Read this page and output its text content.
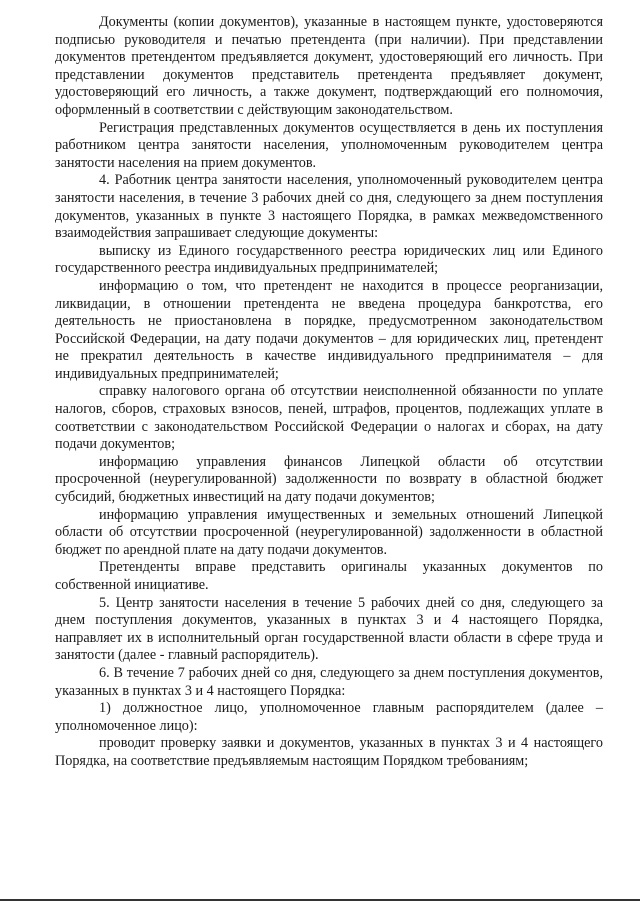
Документы (копии документов), указанные в настоящем пункте, удостоверяются подписью руководителя и печатью претендента (при наличии). При представлении документов претендентом предъявляется документ, удостоверяющий его личность. При представлении документов представитель претендента предъявляет документ, удостоверяющий его личность, а также документ, подтверждающий его полномочия, оформленный в соответствии с действующим законодательством.

Регистрация представленных документов осуществляется в день их поступления работником центра занятости населения, уполномоченным руководителем центра занятости населения на прием документов.

4. Работник центра занятости населения, уполномоченный руководителем центра занятости населения, в течение 3 рабочих дней со дня, следующего за днем поступления документов, указанных в пункте 3 настоящего Порядка, в рамках межведомственного взаимодействия запрашивает следующие документы:

выписку из Единого государственного реестра юридических лиц или Единого государственного реестра индивидуальных предпринимателей;

информацию о том, что претендент не находится в процессе реорганизации, ликвидации, в отношении претендента не введена процедура банкротства, его деятельность не приостановлена в порядке, предусмотренном законодательством Российской Федерации, на дату подачи документов – для юридических лиц, претендент не прекратил деятельность в качестве индивидуального предпринимателя – для индивидуальных предпринимателей;

справку налогового органа об отсутствии неисполненной обязанности по уплате налогов, сборов, страховых взносов, пеней, штрафов, процентов, подлежащих уплате в соответствии с законодательством Российской Федерации о налогах и сборах, на дату подачи документов;

информацию управления финансов Липецкой области об отсутствии просроченной (неурегулированной) задолженности по возврату в областной бюджет субсидий, бюджетных инвестиций на дату подачи документов;

информацию управления имущественных и земельных отношений Липецкой области об отсутствии просроченной (неурегулированной) задолженности в областной бюджет по арендной плате на дату подачи документов.

Претенденты вправе представить оригиналы указанных документов по собственной инициативе.

5. Центр занятости населения в течение 5 рабочих дней со дня, следующего за днем поступления документов, указанных в пунктах 3 и 4 настоящего Порядка, направляет их в исполнительный орган государственной власти области в сфере труда и занятости (далее - главный распорядитель).

6. В течение 7 рабочих дней со дня, следующего за днем поступления документов, указанных в пунктах 3 и 4 настоящего Порядка:

1) должностное лицо, уполномоченное главным распорядителем (далее – уполномоченное лицо):

проводит проверку заявки и документов, указанных в пунктах 3 и 4 настоящего Порядка, на соответствие предъявляемым настоящим Порядком требованиям;
